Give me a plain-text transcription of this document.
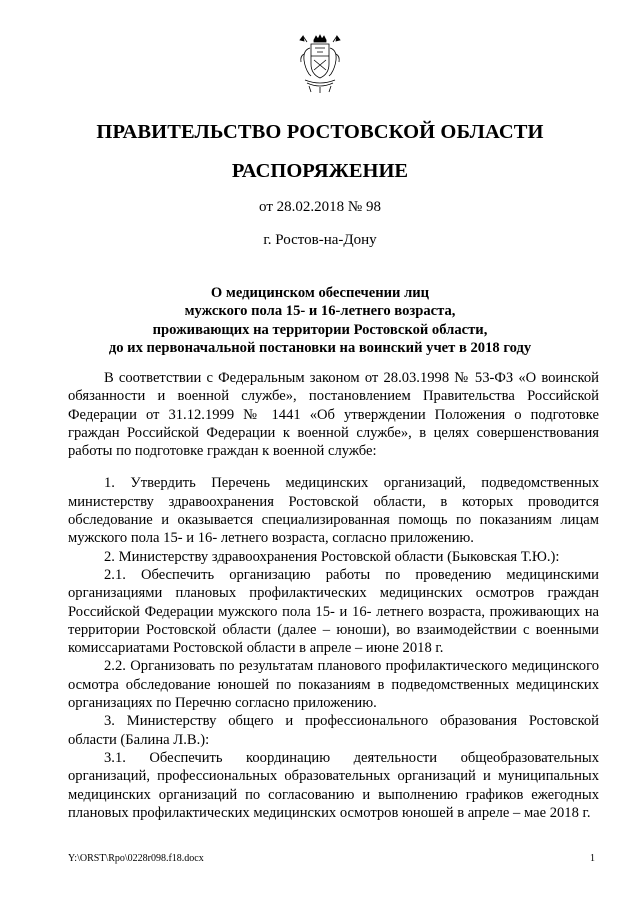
ПРАВИТЕЛЬСТВО РОСТОВСКОЙ ОБЛАСТИ
РАСПОРЯЖЕНИЕ
от 28.02.2018 № 98
г. Ростов-на-Дону
О медицинском обеспечении лиц
мужского пола 15- и 16-летнего возраста,
проживающих на территории Ростовской области,
до их первоначальной постановки на воинский учет в 2018 году

В соответствии с Федеральным законом от 28.03.1998 № 53-ФЗ «О воинской обязанности и военной службе», постановлением Правительства Российской Федерации от 31.12.1999 № 1441 «Об утверждении Положения о подготовке граждан Российской Федерации к военной службе», в целях совершенствования работы по подготовке граждан к военной службе:

1. Утвердить Перечень медицинских организаций, подведомственных министерству здравоохранения Ростовской области, в которых проводится обследование и оказывается специализированная помощь по показаниям лицам мужского пола 15- и 16- летнего возраста, согласно приложению.

2. Министерству здравоохранения Ростовской области (Быковская Т.Ю.):

2.1. Обеспечить организацию работы по проведению медицинскими организациями плановых профилактических медицинских осмотров граждан Российской Федерации мужского пола 15- и 16- летнего возраста, проживающих на территории Ростовской области (далее – юноши), во взаимодействии с военными комиссариатами Ростовской области в апреле – июне 2018 г.

2.2. Организовать по результатам планового профилактического медицинского осмотра обследование юношей по показаниям в подведомственных медицинских организациях по Перечню согласно приложению.

3. Министерству общего и профессионального образования Ростовской области (Балина Л.В.):

3.1. Обеспечить координацию деятельности общеобразовательных организаций, профессиональных образовательных организаций и муниципальных медицинских организаций по согласованию и выполнению графиков ежегодных плановых профилактических медицинских осмотров юношей в апреле – мае 2018 г.

Y:\ORST\Rpo\0228r098.f18.docx	1
